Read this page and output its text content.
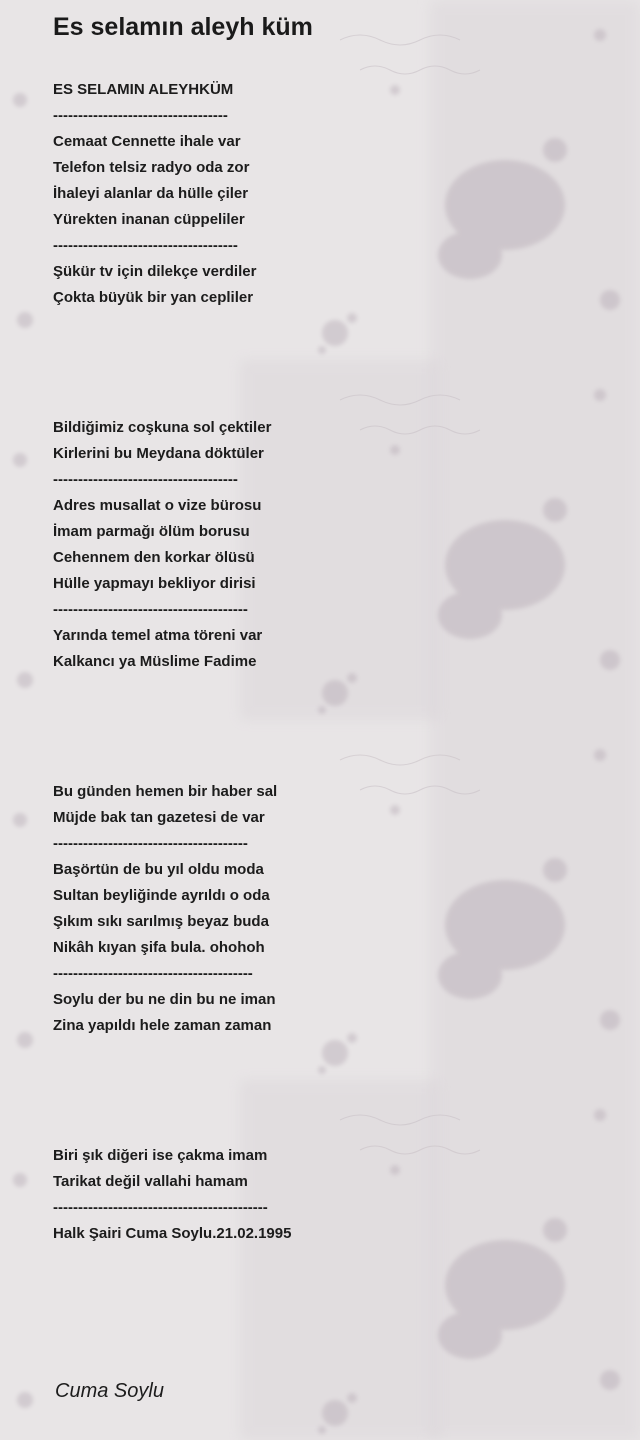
Es selamın aleyh küm
ES SELAMIN ALEYHKÜM
-----------------------------------
Cemaat Cennette ihale var
Telefon telsiz radyo oda zor
İhaleyi alanlar da hülle çiler
Yürekten inanan cüppeliler
-------------------------------------
Şükür tv için dilekçe verdiler
Çokta büyük bir yan cepliler
Bildiğimiz coşkuna sol çektiler
Kirlerini bu Meydana döktüler
-------------------------------------
Adres musallat o vize bürosu
İmam parmağı ölüm borusu
Cehennem den korkar ölüsü
Hülle yapmayı bekliyor dirisi
---------------------------------------
Yarında temel atma töreni var
Kalkancı ya Müslime Fadime
Bu günden hemen bir haber sal
Müjde bak tan gazetesi de var
---------------------------------------
Başörtün de bu yıl oldu moda
Sultan beyliğinde ayrıldı o oda
Şıkım sıkı sarılmış beyaz buda
Nikâh kıyan şifa bula. ohohoh
----------------------------------------
Soylu der bu ne din bu ne iman
Zina yapıldı hele zaman zaman
Biri şık diğeri ise çakma imam
Tarikat değil vallahi hamam
-------------------------------------------
Halk Şairi Cuma Soylu.21.02.1995
Cuma Soylu
